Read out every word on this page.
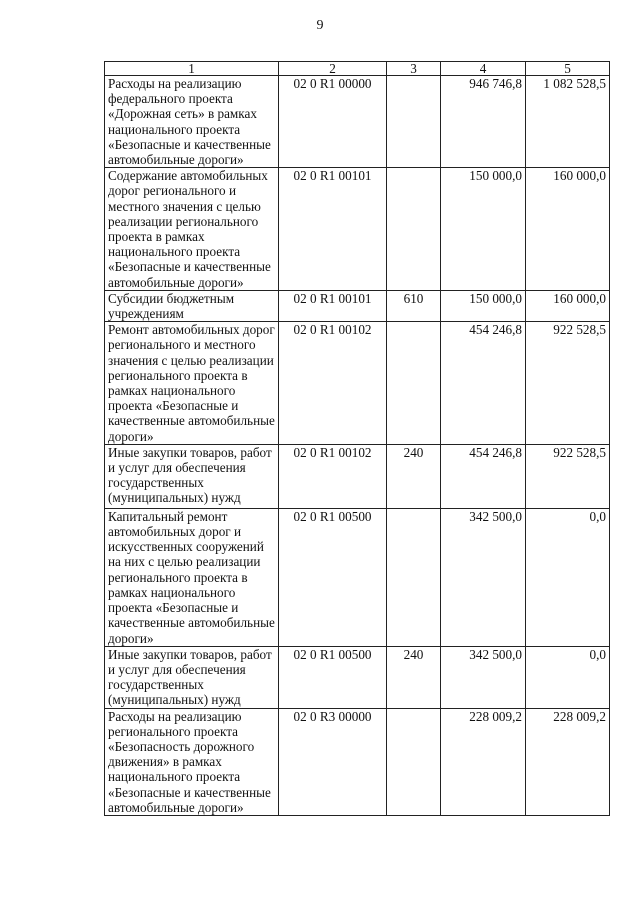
9
1	2	3	4	5
Расходы на реализацию федерального проекта «Дорожная сеть» в рамках национального проекта «Безопасные и качественные автомобильные дороги»	02 0 R1 00000		946 746,8	1 082 528,5
Содержание автомобильных дорог регионального и местного значения с целью реализации регионального проекта в рамках национального проекта «Безопасные и качественные автомобильные дороги»	02 0 R1 00101		150 000,0	160 000,0
Субсидии бюджетным учреждениям	02 0 R1 00101	610	150 000,0	160 000,0
Ремонт автомобильных дорог регионального и местного значения с целью реализации регионального проекта в рамках национального проекта «Безопасные и качественные автомобильные дороги»	02 0 R1 00102		454 246,8	922 528,5
Иные закупки товаров, работ и услуг для обеспечения государственных (муниципальных) нужд	02 0 R1 00102	240	454 246,8	922 528,5
Капитальный ремонт автомобильных дорог и искусственных сооружений на них с целью реализации регионального проекта в рамках национального проекта «Безопасные и качественные автомобильные дороги»	02 0 R1 00500		342 500,0	0,0
Иные закупки товаров, работ и услуг для обеспечения государственных (муниципальных) нужд	02 0 R1 00500	240	342 500,0	0,0
Расходы на реализацию регионального проекта «Безопасность дорожного движения» в рамках национального проекта «Безопасные и качественные автомобильные дороги»	02 0 R3 00000		228 009,2	228 009,2
